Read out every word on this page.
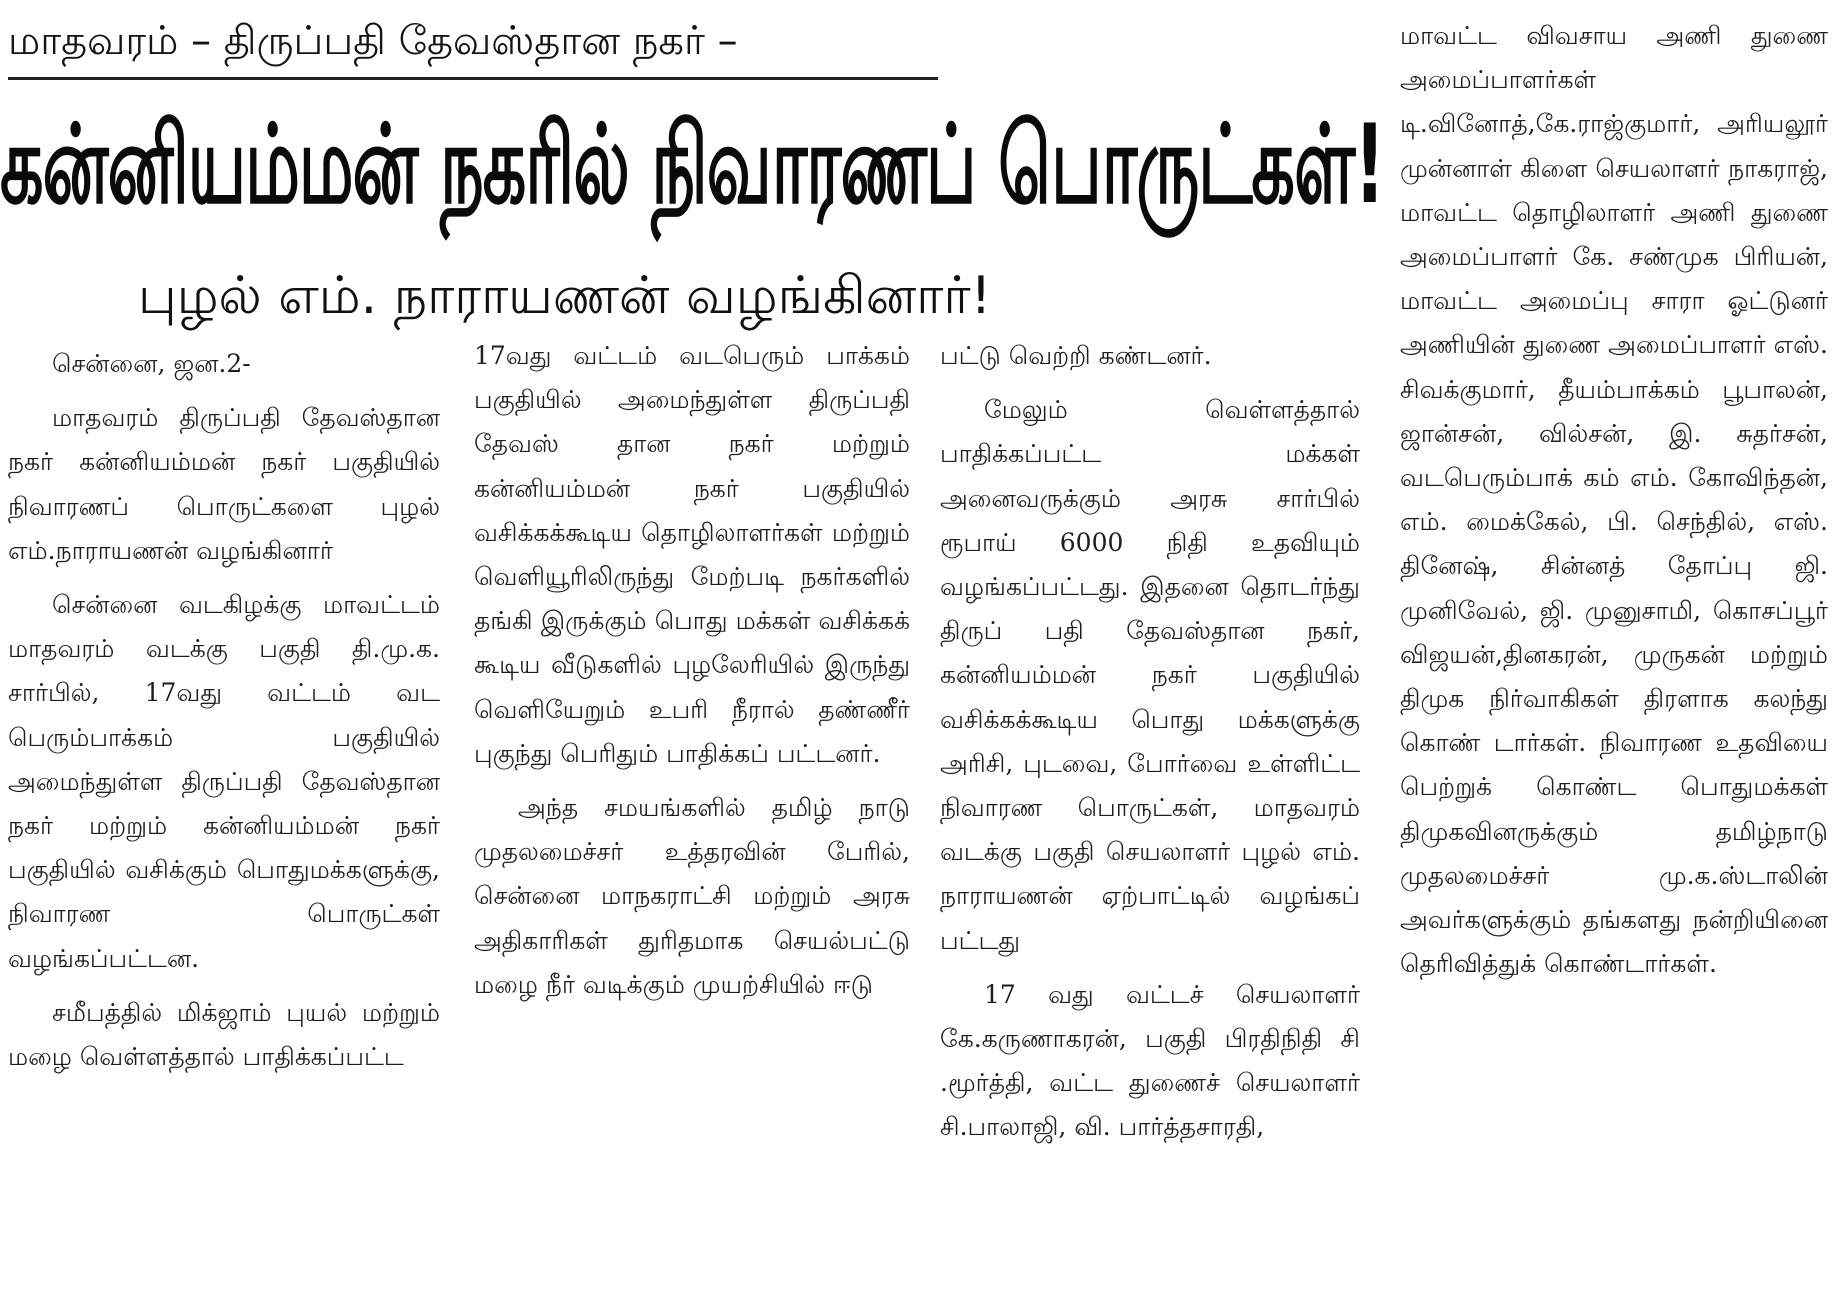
மாதவரம் – திருப்பதி தேவஸ்தான நகர் –
கன்னியம்மன் நகரில் நிவாரணப் பொருட்கள்!
புழல் எம். நாராயணன் வழங்கினார்!

சென்னை, ஜன.2-

மாதவரம் திருப்பதி தேவஸ்தான நகர் கன்னியம்மன் நகர் பகுதியில் நிவாரணப் பொருட்களை புழல் எம்.நாராயணன் வழங்கினார்

சென்னை வடகிழக்கு மாவட்டம் மாதவரம் வடக்கு பகுதி தி.மு.க. சார்பில், 17வது வட்டம் வட பெரும்பாக்கம் பகுதியில் அமைந்துள்ள திருப்பதி தேவஸ்தான நகர் மற்றும் கன்னியம்மன் நகர் பகுதியில் வசிக்கும் பொதுமக்களுக்கு, நிவாரண பொருட்கள் வழங்கப்பட்டன.

சமீபத்தில் மிக்ஜாம் புயல் மற்றும் மழை வெள்ளத்தால் பாதிக்கப்பட்ட

17வது வட்டம் வடபெரும் பாக்கம் பகுதியில் அமைந்துள்ள திருப்பதி தேவஸ் தான நகர் மற்றும் கன்னியம்மன் நகர் பகுதியில் வசிக்கக்கூடிய தொழிலாளர்கள் மற்றும் வெளியூரிலிருந்து மேற்படி நகர்களில் தங்கி இருக்கும் பொது மக்கள் வசிக்கக் கூடிய வீடுகளில் புழலேரியில் இருந்து வெளியேறும் உபரி நீரால் தண்ணீர் புகுந்து பெரிதும் பாதிக்கப் பட்டனர்.

அந்த சமயங்களில் தமிழ் நாடு முதலமைச்சர் உத்தரவின் பேரில், சென்னை மாநகராட்சி மற்றும் அரசு அதிகாரிகள் துரிதமாக செயல்பட்டு மழை நீர் வடிக்கும் முயற்சியில் ஈடு

பட்டு வெற்றி கண்டனர்.

மேலும் வெள்ளத்தால் பாதிக்கப்பட்ட மக்கள் அனைவருக்கும் அரசு சார்பில் ரூபாய் 6000 நிதி உதவியும் வழங்கப்பட்டது. இதனை தொடர்ந்து திருப் பதி தேவஸ்தான நகர், கன்னியம்மன் நகர் பகுதியில் வசிக்கக்கூடிய பொது மக்களுக்கு அரிசி, புடவை, போர்வை உள்ளிட்ட நிவாரண பொருட்கள், மாதவரம் வடக்கு பகுதி செயலாளர் புழல் எம். நாராயணன் ஏற்பாட்டில் வழங்கப் பட்டது

17 வது வட்டச் செயலாளர் கே.கருணாகரன், பகுதி பிரதிநிதி சி .மூர்த்தி, வட்ட துணைச் செயலாளர் சி.பாலாஜி, வி. பார்த்தசாரதி,

மாவட்ட விவசாய அணி துணை அமைப்பாளர்கள் டி.வினோத்,கே.ராஜ்குமார், அரியலூர் முன்னாள் கிளை செயலாளர் நாகராஜ், மாவட்ட தொழிலாளர் அணி துணை அமைப்பாளர் கே. சண்முக பிரியன், மாவட்ட அமைப்பு சாரா ஓட்டுனர் அணியின் துணை அமைப்பாளர் எஸ். சிவக்குமார், தீயம்பாக்கம் பூபாலன், ஜான்சன், வில்சன், இ. சுதர்சன், வடபெரும்பாக் கம் எம். கோவிந்தன், எம். மைக்கேல், பி. செந்தில், எஸ். தினேஷ், சின்னத் தோப்பு ஜி. முனிவேல், ஜி. முனுசாமி, கொசப்பூர் விஜயன்,தினகரன், முருகன் மற்றும் திமுக நிர்வாகிகள் திரளாக கலந்து கொண் டார்கள். நிவாரண உதவியை பெற்றுக் கொண்ட பொதுமக்கள் திமுகவினருக்கும் தமிழ்நாடு முதலமைச்சர் மு.க.ஸ்டாலின் அவர்களுக்கும் தங்களது நன்றியினை தெரிவித்துக் கொண்டார்கள்.
